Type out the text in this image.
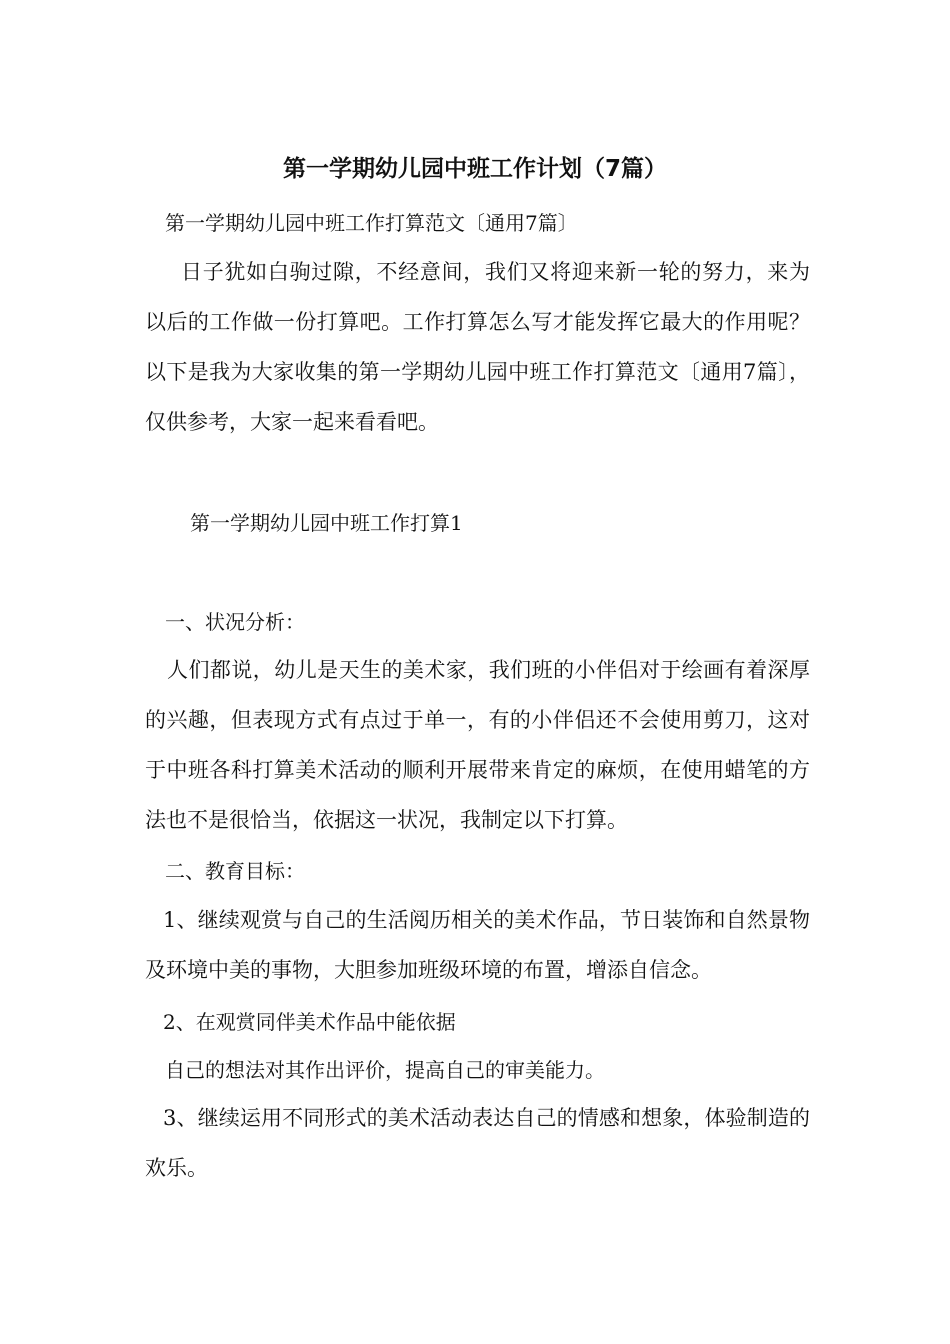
第一学期幼儿园中班工作计划（7篇）

第一学期幼儿园中班工作打算范文〔通用7篇〕

日子犹如白驹过隙，不经意间，我们又将迎来新一轮的努力，来为以后的工作做一份打算吧。工作打算怎么写才能发挥它最大的作用呢？以下是我为大家收集的第一学期幼儿园中班工作打算范文〔通用7篇〕，仅供参考，大家一起来看看吧。

第一学期幼儿园中班工作打算1

一、状况分析：

人们都说，幼儿是天生的美术家，我们班的小伴侣对于绘画有着深厚的兴趣，但表现方式有点过于单一，有的小伴侣还不会使用剪刀，这对于中班各科打算美术活动的顺利开展带来肯定的麻烦，在使用蜡笔的方法也不是很恰当，依据这一状况，我制定以下打算。

二、教育目标：

1、继续观赏与自己的生活阅历相关的美术作品，节日装饰和自然景物及环境中美的事物，大胆参加班级环境的布置，增添自信念。

2、在观赏同伴美术作品中能依据

自己的想法对其作出评价，提高自己的审美能力。

3、继续运用不同形式的美术活动表达自己的情感和想象，体验制造的欢乐。
